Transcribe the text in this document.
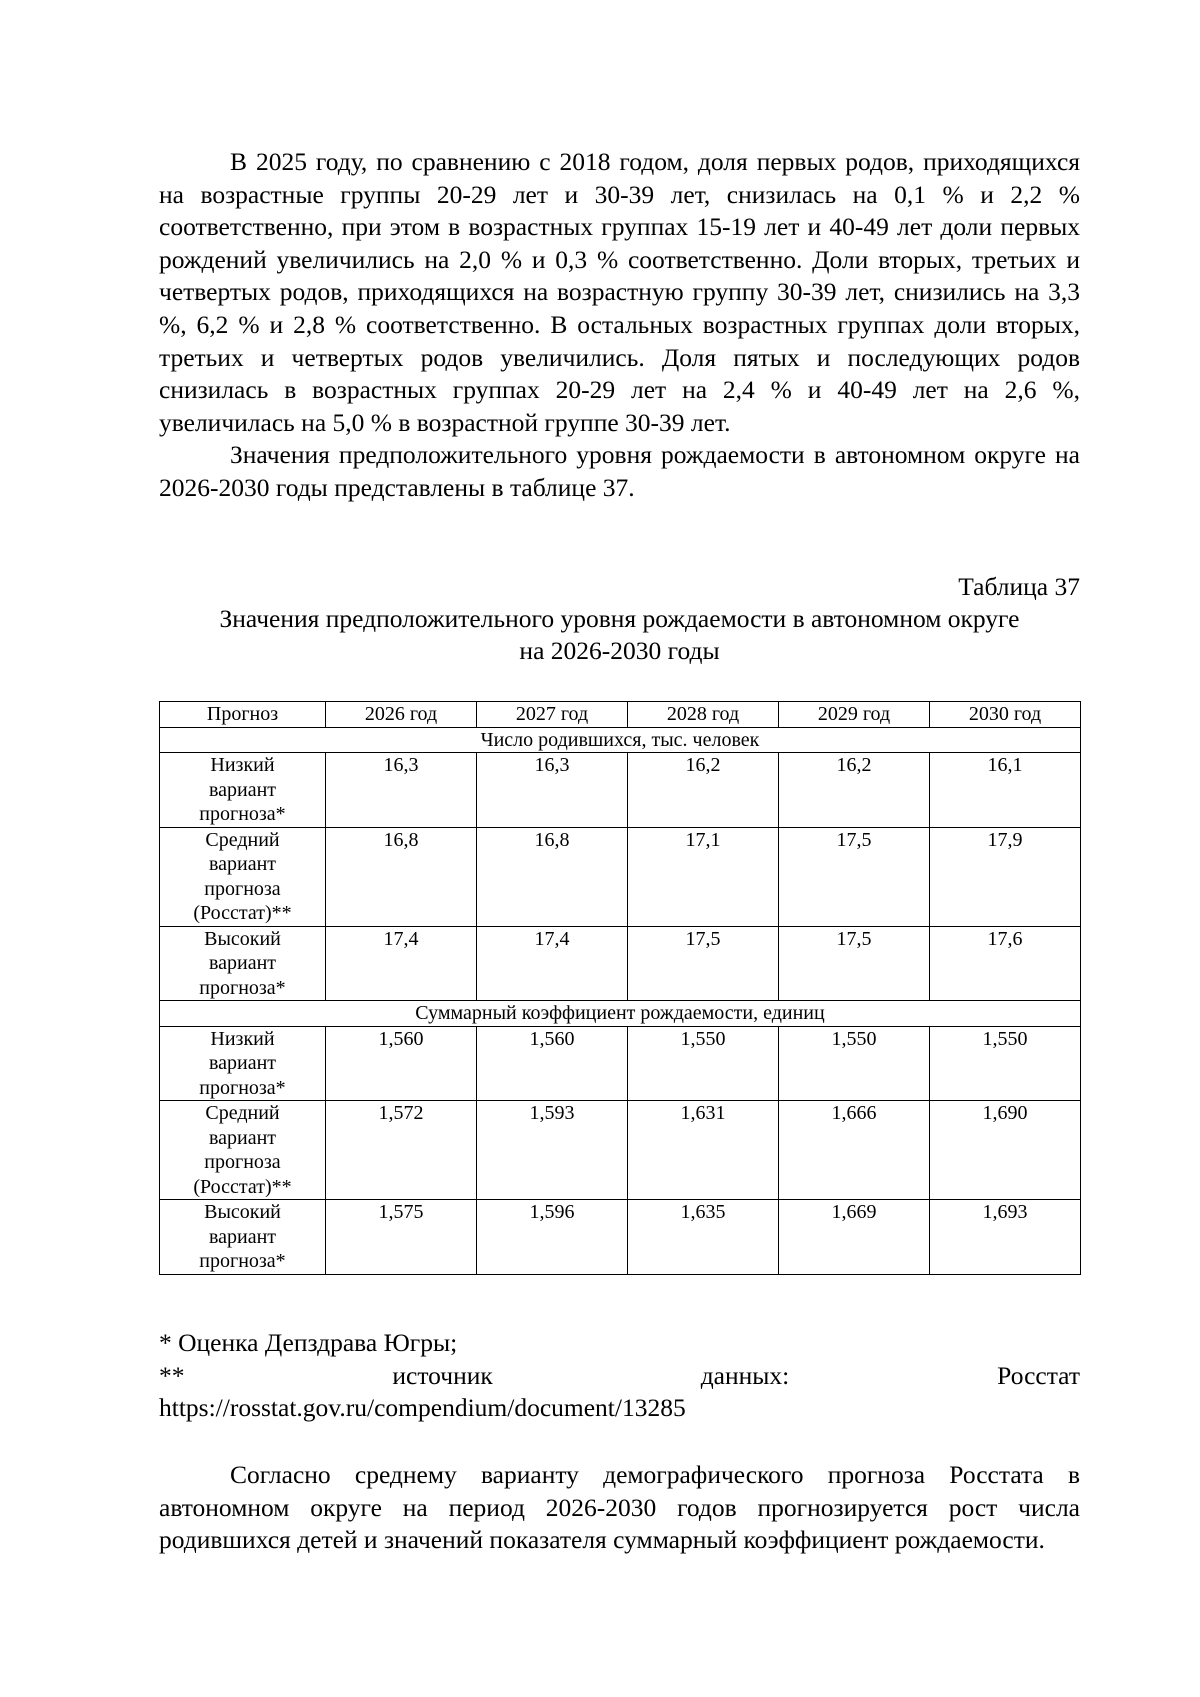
В 2025 году, по сравнению с 2018 годом, доля первых родов, приходящихся на возрастные группы 20-29 лет и 30-39 лет, снизилась на 0,1 % и 2,2 % соответственно, при этом в возрастных группах 15-19 лет и 40-49 лет доли первых рождений увеличились на 2,0 % и 0,3 % соответственно. Доли вторых, третьих и четвертых родов, приходящихся на возрастную группу 30-39 лет, снизились на 3,3 %, 6,2 % и 2,8 % соответственно. В остальных возрастных группах доли вторых, третьих и четвертых родов увеличились. Доля пятых и последующих родов снизилась в возрастных группах 20-29 лет на 2,4 % и 40-49 лет на 2,6 %, увеличилась на 5,0 % в возрастной группе 30-39 лет.

Значения предположительного уровня рождаемости в автономном округе на 2026-2030 годы представлены в таблице 37.

Таблица 37
Значения предположительного уровня рождаемости в автономном округе
на 2026-2030 годы
Прогноз	2026 год	2027 год	2028 год	2029 год	2030 год
Число родившихся, тыс. человек					

Низкий
вариант
прогноза*	16,3	16,3	16,2	16,2	16,1

Средний
вариант
прогноза
(Росстат)**	16,8	16,8	17,1	17,5	17,9

Высокий
вариант
прогноза*	17,4	17,4	17,5	17,5	17,6
Суммарный коэффициент рождаемости, единиц					

Низкий
вариант
прогноза*	1,560	1,560	1,550	1,550	1,550

Средний
вариант
прогноза
(Росстат)**	1,572	1,593	1,631	1,666	1,690

Высокий
вариант
прогноза*	1,575	1,596	1,635	1,669	1,693
* Оценка Депздрава Югры;
**	источник	данных:	Росстат
https://rosstat.gov.ru/compendium/document/13285

Согласно среднему варианту демографического прогноза Росстата в автономном округе на период 2026-2030 годов прогнозируется рост числа родившихся детей и значений показателя суммарный коэффициент рождаемости.
